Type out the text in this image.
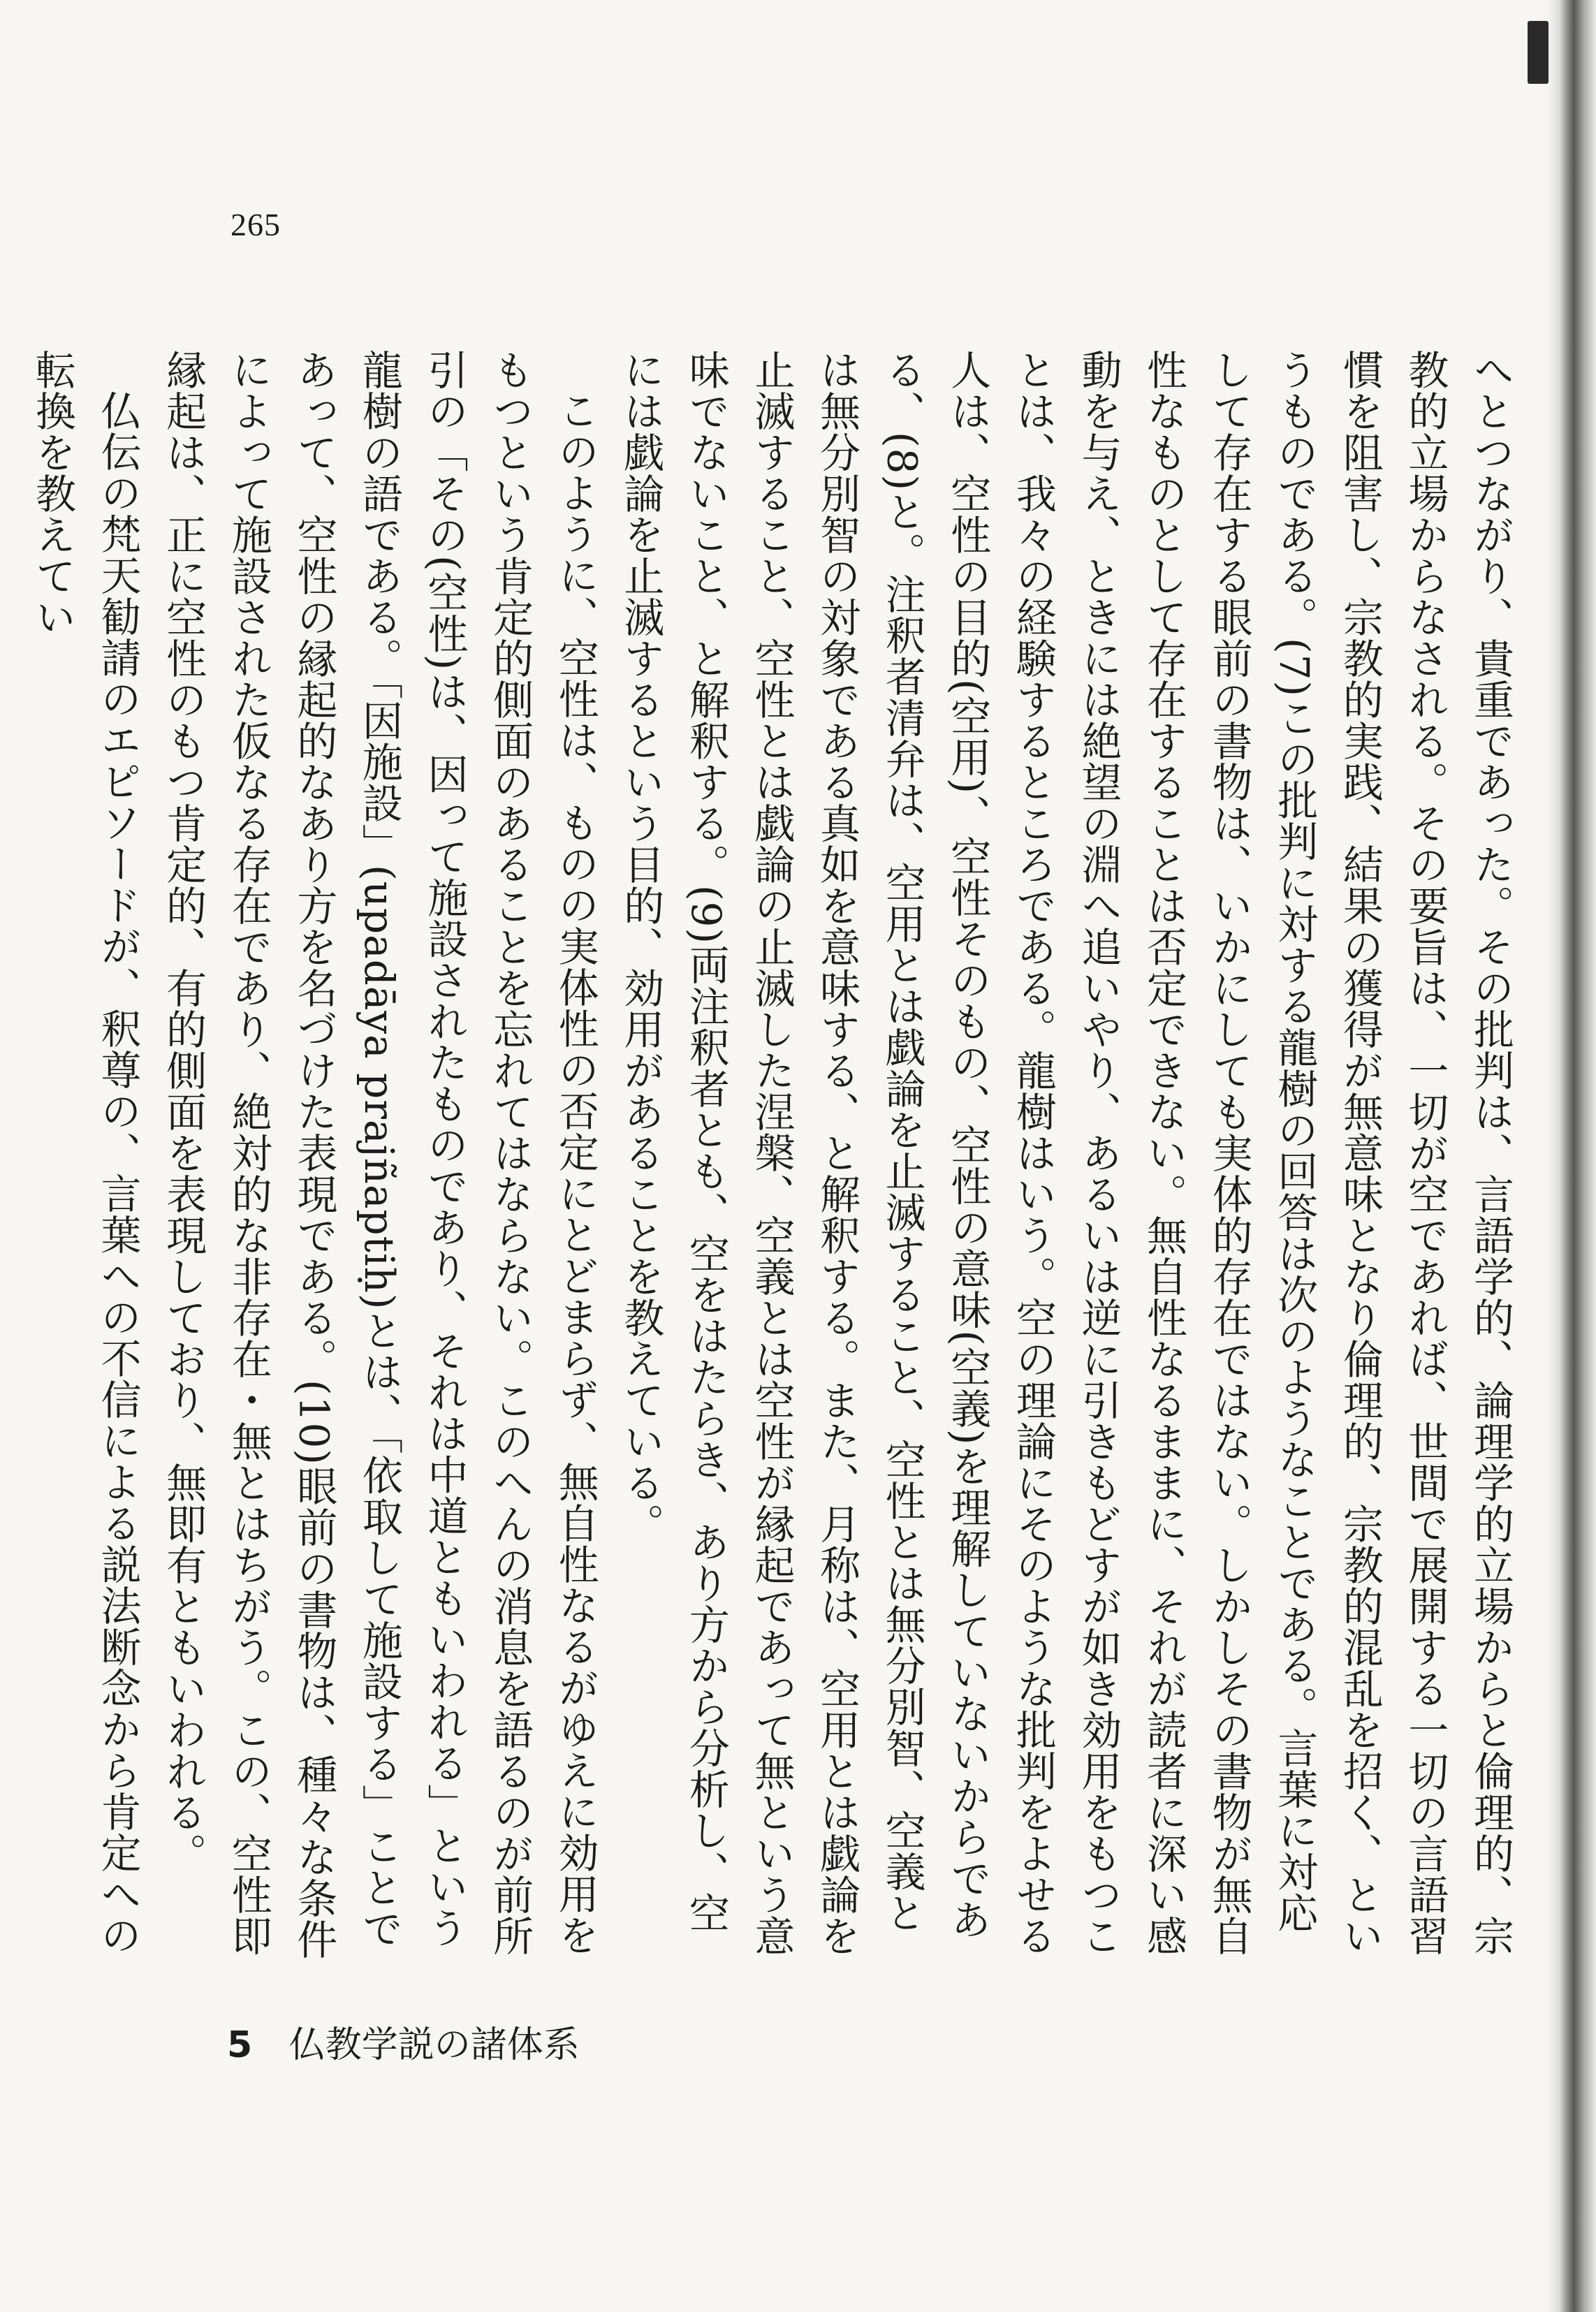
265

へとつながり、貴重であった。その批判は、言語学的、論理学的立場からと倫理的、宗教的立場からなされる。その要旨は、一切が空であれば、世間で展開する一切の言語習慣を阻害し、宗教的実践、結果の獲得が無意味となり倫理的、宗教的混乱を招く、というものである。(7)この批判に対する龍樹の回答は次のようなことである。言葉に対応して存在する眼前の書物は、いかにしても実体的存在ではない。しかしその書物が無自性なものとして存在することは否定できない。無自性なるままに、それが読者に深い感動を与え、ときには絶望の淵へ追いやり、あるいは逆に引きもどすが如き効用をもつことは、我々の経験するところである。龍樹はいう。空の理論にそのような批判をよせる人は、空性の目的(空用)、空性そのもの、空性の意味(空義)を理解していないからである、(8)と。注釈者清弁は、空用とは戯論を止滅すること、空性とは無分別智、空義とは無分別智の対象である真如を意味する、と解釈する。また、月称は、空用とは戯論を止滅すること、空性とは戯論の止滅した涅槃、空義とは空性が縁起であって無という意味でないこと、と解釈する。(9)両注釈者とも、空をはたらき、あり方から分析し、空には戯論を止滅するという目的、効用があることを教えている。

このように、空性は、ものの実体性の否定にとどまらず、無自性なるがゆえに効用をもつという肯定的側面のあることを忘れてはならない。このへんの消息を語るのが前所引の「その(空性)は、因って施設されたものであり、それは中道ともいわれる」という龍樹の語である。「因施設」(upadāya prajñaptiḥ)とは、「依取して施設する」ことであって、空性の縁起的なあり方を名づけた表現である。(10)眼前の書物は、種々な条件によって施設された仮なる存在であり、絶対的な非存在・無とはちがう。この、空性即縁起は、正に空性のもつ肯定的、有的側面を表現しており、無即有ともいわれる。

仏伝の梵天勧請のエピソードが、釈尊の、言葉への不信による説法断念から肯定への転換を教えてい

5 仏教学説の諸体系
